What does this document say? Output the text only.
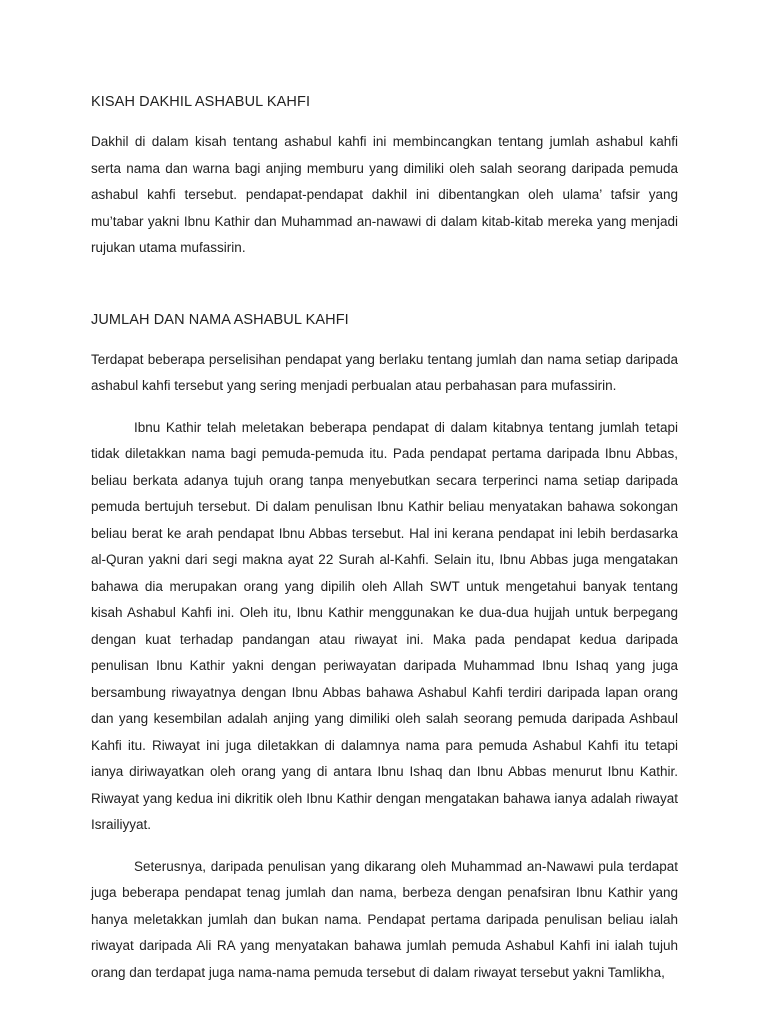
KISAH DAKHIL ASHABUL KAHFI

Dakhil di dalam kisah tentang ashabul kahfi ini membincangkan tentang jumlah ashabul kahfi serta nama dan warna bagi anjing memburu yang dimiliki oleh salah seorang daripada pemuda ashabul kahfi tersebut. pendapat-pendapat dakhil ini dibentangkan oleh ulama’ tafsir yang mu’tabar yakni Ibnu Kathir dan Muhammad an-nawawi di dalam kitab-kitab mereka yang menjadi rujukan utama mufassirin.

JUMLAH DAN NAMA ASHABUL KAHFI

Terdapat beberapa perselisihan pendapat yang berlaku tentang jumlah dan nama setiap daripada ashabul kahfi tersebut yang sering menjadi perbualan atau perbahasan para mufassirin.

Ibnu Kathir telah meletakan beberapa pendapat di dalam kitabnya tentang jumlah tetapi tidak diletakkan nama bagi pemuda-pemuda itu. Pada pendapat pertama daripada Ibnu Abbas, beliau berkata adanya tujuh orang tanpa menyebutkan secara terperinci nama setiap daripada pemuda bertujuh tersebut. Di dalam penulisan Ibnu Kathir beliau menyatakan bahawa sokongan beliau berat ke arah pendapat Ibnu Abbas tersebut. Hal ini kerana pendapat ini lebih berdasarka al-Quran yakni dari segi makna ayat 22 Surah al-Kahfi. Selain itu, Ibnu Abbas juga mengatakan bahawa dia merupakan orang yang dipilih oleh Allah SWT untuk mengetahui banyak tentang kisah Ashabul Kahfi ini. Oleh itu, Ibnu Kathir menggunakan ke dua-dua hujjah untuk berpegang dengan kuat terhadap pandangan atau riwayat ini. Maka pada pendapat kedua daripada penulisan Ibnu Kathir yakni dengan periwayatan daripada Muhammad Ibnu Ishaq yang juga bersambung riwayatnya dengan Ibnu Abbas bahawa Ashabul Kahfi terdiri daripada lapan orang dan yang kesembilan adalah anjing yang dimiliki oleh salah seorang pemuda daripada Ashbaul Kahfi itu. Riwayat ini juga diletakkan di dalamnya nama para pemuda Ashabul Kahfi itu tetapi ianya diriwayatkan oleh orang yang di antara Ibnu Ishaq dan Ibnu Abbas menurut Ibnu Kathir. Riwayat yang kedua ini dikritik oleh Ibnu Kathir dengan mengatakan bahawa ianya adalah riwayat Israiliyyat.

Seterusnya, daripada penulisan yang dikarang oleh Muhammad an-Nawawi pula terdapat juga beberapa pendapat tenag jumlah dan nama, berbeza dengan penafsiran Ibnu Kathir yang hanya meletakkan jumlah dan bukan nama. Pendapat pertama daripada penulisan beliau ialah riwayat daripada Ali RA yang menyatakan bahawa jumlah pemuda Ashabul Kahfi ini ialah tujuh orang dan terdapat juga nama-nama pemuda tersebut di dalam riwayat tersebut yakni Tamlikha,
